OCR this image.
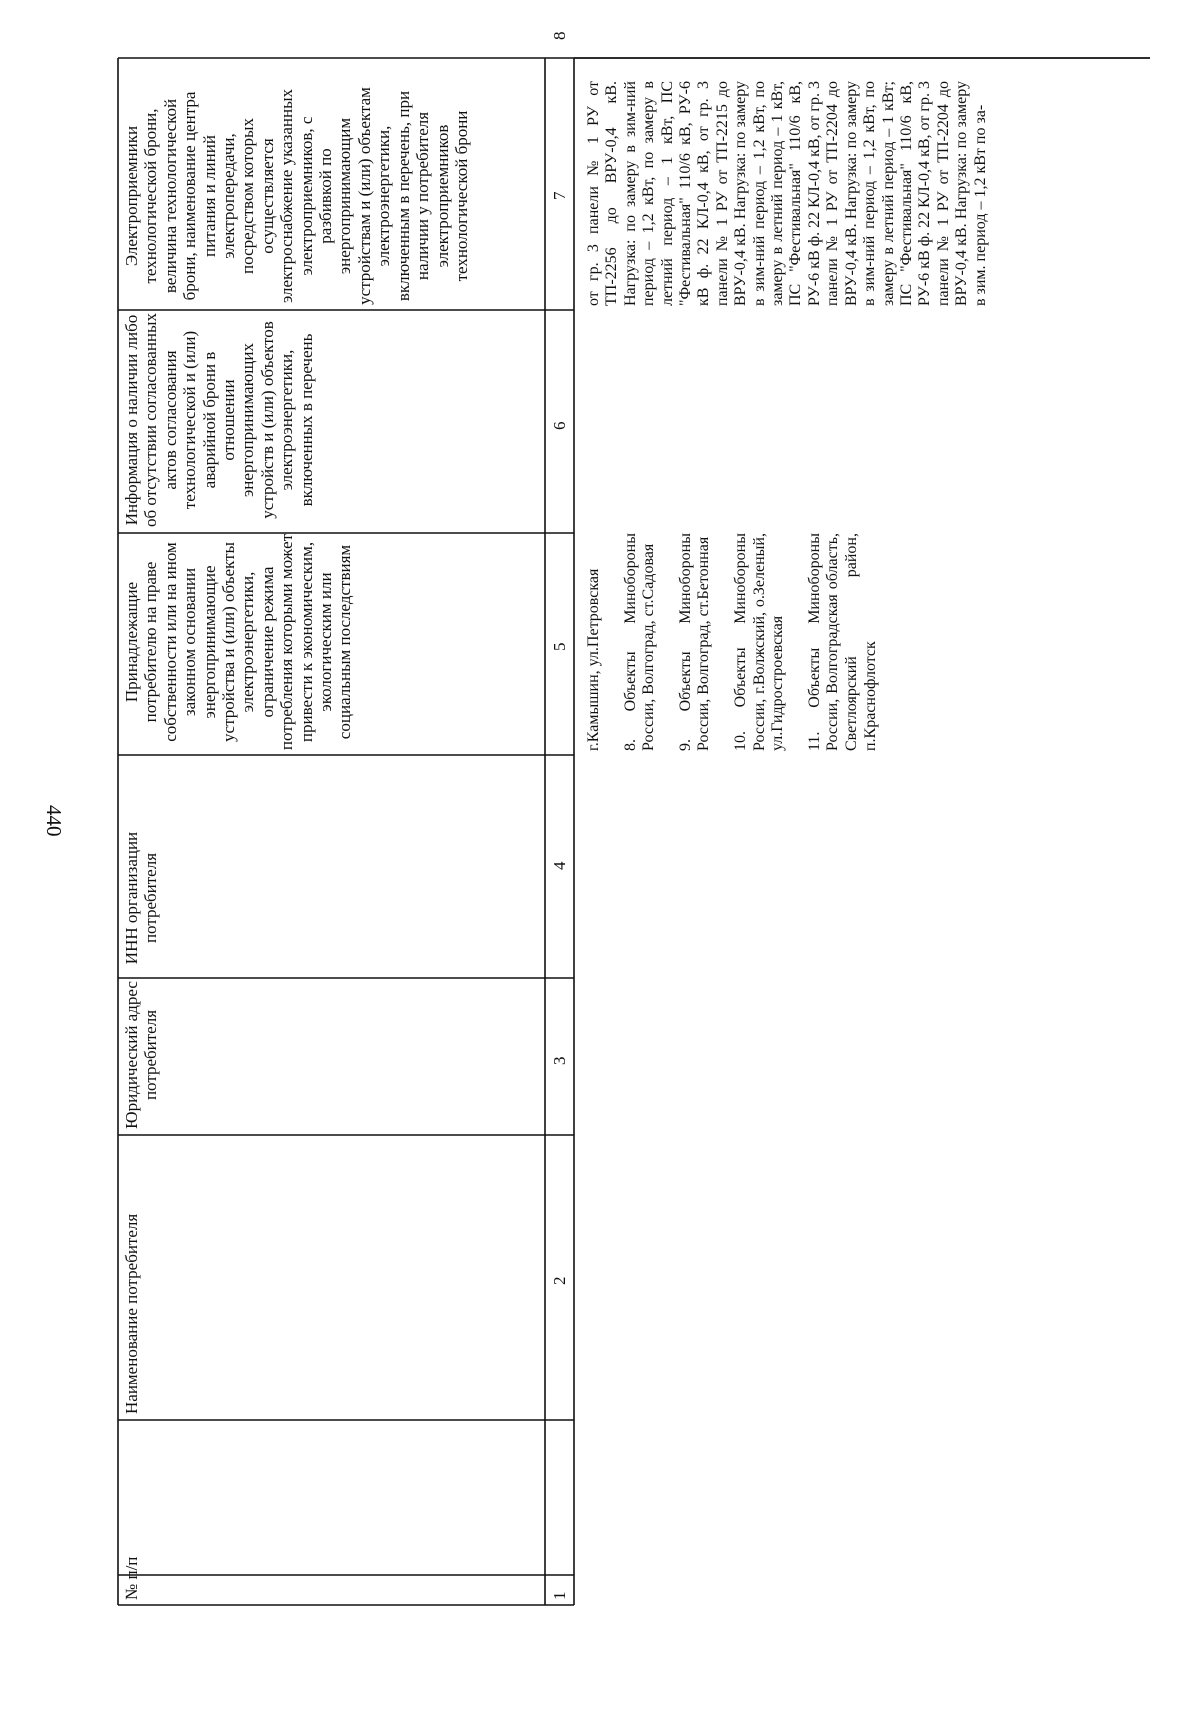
440
№ п/п
Наименование потребителя
Юридический адрес потребителя
ИНН организации потребителя
Принадлежащие потребителю на праве собственности или на ином законном основании энергопринимающие устройства и (или) объекты электроэнергетики, ограничение режима потребления которыми может привести к экономическим, экологическим или социальным последствиям
Информация о наличии либо об отсутствии согласованных актов согласования технологической и (или) аварийной брони в отношении энергопринимающих устройств и (или) объектов электроэнергетики, включенных в перечень
Электроприемники технологической брони, величина технологической брони, наименование центра питания и линий электропередачи, посредством которых осуществляется электроснабжение указанных электроприемников, с разбивкой по энергопринимающим устройствам и (или) объектам электроэнергетики, включенным в перечень, при наличии у потребителя электроприемников технологической брони
1
2
3
4
5
6
7
8
г.Камышин, ул.Петровская 8. Объекты Минобороны России, Волгоград, ст.Садовая 9. Объекты Минобороны России, Волгоград, ст.Бетонная 10. Объекты Минобороны России, г.Волжский, о.Зеленый, ул.Гидростроевская 11. Объекты Минобороны России, Волгоградская область, Светлоярский район, п.Краснофлотск
от гр. 3 панели № 1 РУ от ТП-2256 до ВРУ-0,4 кВ. Нагрузка: по замеру в зим-ний период – 1,2 кВт, по замеру в летний период – 1 кВт, ПС "Фестивальная" 110/6 кВ, РУ-6 кВ ф. 22 КЛ-0,4 кВ, от гр. 3 панели № 1 РУ от ТП-2215 до ВРУ-0,4 кВ. Нагрузка: по замеру в зим-ний период – 1,2 кВт, по замеру в летний период – 1 кВт, ПС "Фестивальная" 110/6 кВ, РУ-6 кВ ф. 22 КЛ-0,4 кВ, от гр. 3 панели № 1 РУ от ТП-2204 до ВРУ-0,4 кВ. Нагрузка: по замеру в зим-ний период – 1,2 кВт, по замеру в летний период – 1 кВт; ПС "Фестивальная" 110/6 кВ, РУ-6 кВ ф. 22 КЛ-0,4 кВ, от гр. 3 панели № 1 РУ от ТП-2204 до ВРУ-0,4 кВ. Нагрузка: по замеру в зим. период – 1,2 кВт по за-
